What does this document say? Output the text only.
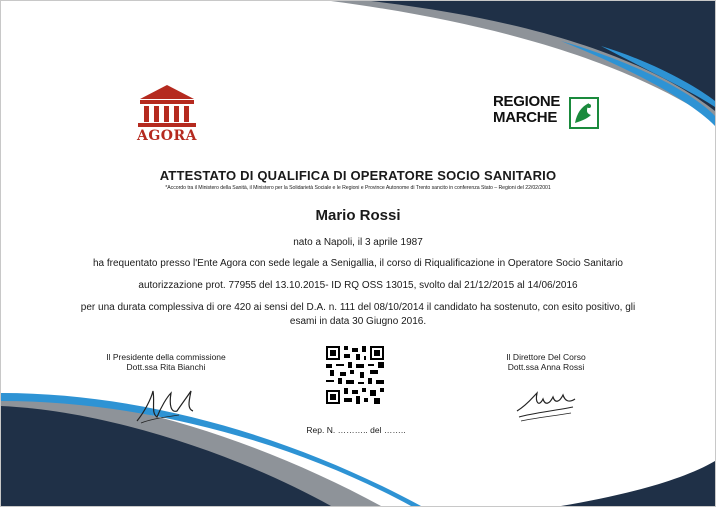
AGORA
REGIONE
MARCHE
ATTESTATO DI QUALIFICA DI OPERATORE SOCIO SANITARIO
*Accordo tra il Ministero della Sanità, il Ministero per la Solidarietà Sociale e le Regioni e Province Autonome di Trento sancito in conferenza Stato – Regioni del 22/02/2001
Mario Rossi
nato a Napoli, il 3 aprile 1987
ha frequentato presso l'Ente Agora con sede legale a Senigallia, il corso di Riqualificazione in Operatore Socio Sanitario
autorizzazione prot. 77955 del 13.10.2015- ID RQ OSS 13015, svolto dal 21/12/2015 al 14/06/2016
per una durata complessiva di ore 420 ai sensi del D.A. n. 111 del 08/10/2014 il candidato ha sostenuto, con esito positivo, gli
esami in data 30 Giugno 2016.
Il Presidente della commissione
Dott.ssa Rita Bianchi
Il Direttore Del Corso
Dott.ssa Anna Rossi
Rep. N. ……….. del ……..
